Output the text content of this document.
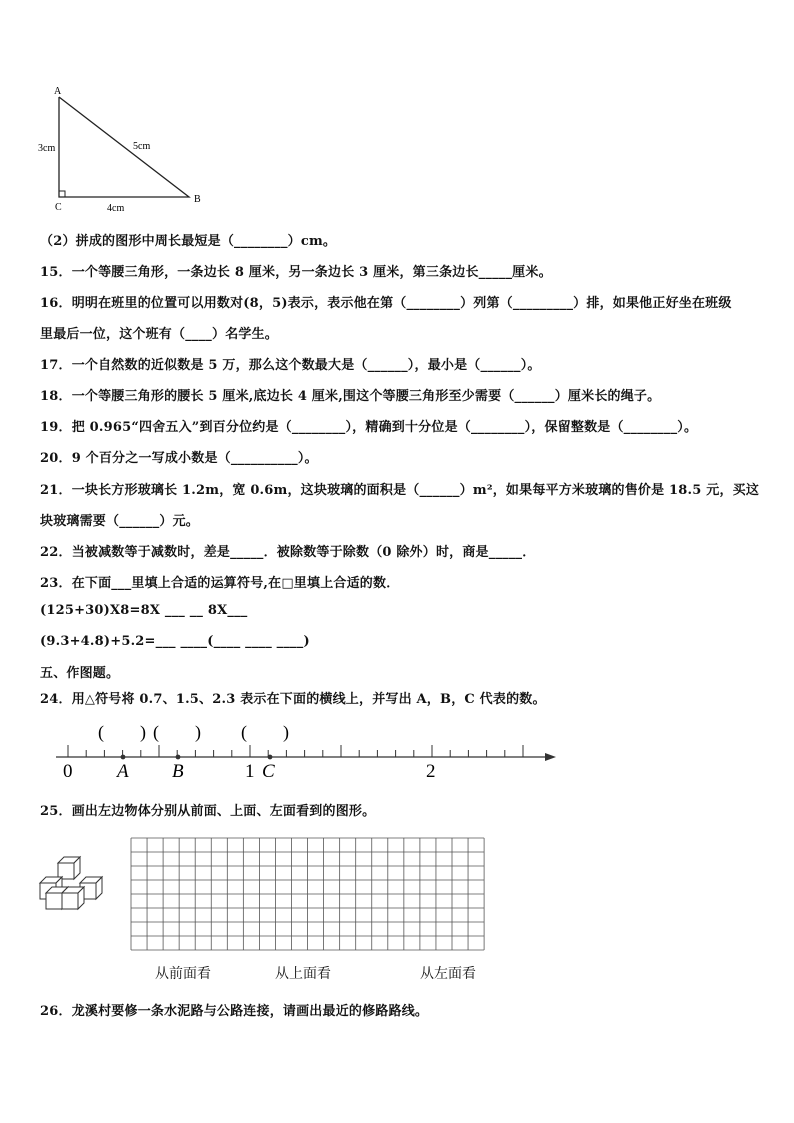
A
B
C
3cm	5cm
4cm
（2）拼成的图形中周长最短是（________）cm。
15．一个等腰三角形，一条边长 8 厘米，另一条边长 3 厘米，第三条边长_____厘米。
16．明明在班里的位置可以用数对(8，5)表示，表示他在第（________）列第（_________）排，如果他正好坐在班级
里最后一位，这个班有（____）名学生。
17．一个自然数的近似数是 5 万，那么这个数最大是（______），最小是（______）。
18．一个等腰三角形的腰长 5 厘米,底边长 4 厘米,围这个等腰三角形至少需要（______）厘米长的绳子。
19．把 0.965“四舍五入”到百分位约是（________），精确到十分位是（________），保留整数是（________）。
20．9 个百分之一写成小数是（__________）。
21．一块长方形玻璃长 1.2m，宽 0.6m，这块玻璃的面积是（______）m²，如果每平方米玻璃的售价是 18.5 元，买这
块玻璃需要（______）元。
22．当被减数等于减数时，差是_____．被除数等于除数（0 除外）时，商是_____．
23．在下面___里填上合适的运算符号,在□里填上合适的数．
(125+30)X8=8X ___ __ 8X___
(9.3+4.8)+5.2=___ ____(____ ____ ____)
五、作图题。
24．用△符号将 0.7、1.5、2.3 表示在下面的横线上，并写出 A，B，C 代表的数。
25．画出左边物体分别从前面、上面、左面看到的图形。
26．龙溪村要修一条水泥路与公路连接，请画出最近的修路路线。
0	1	2
A B	C
(        ) (        ) (        )
从前面看	从上面看	从左面看
